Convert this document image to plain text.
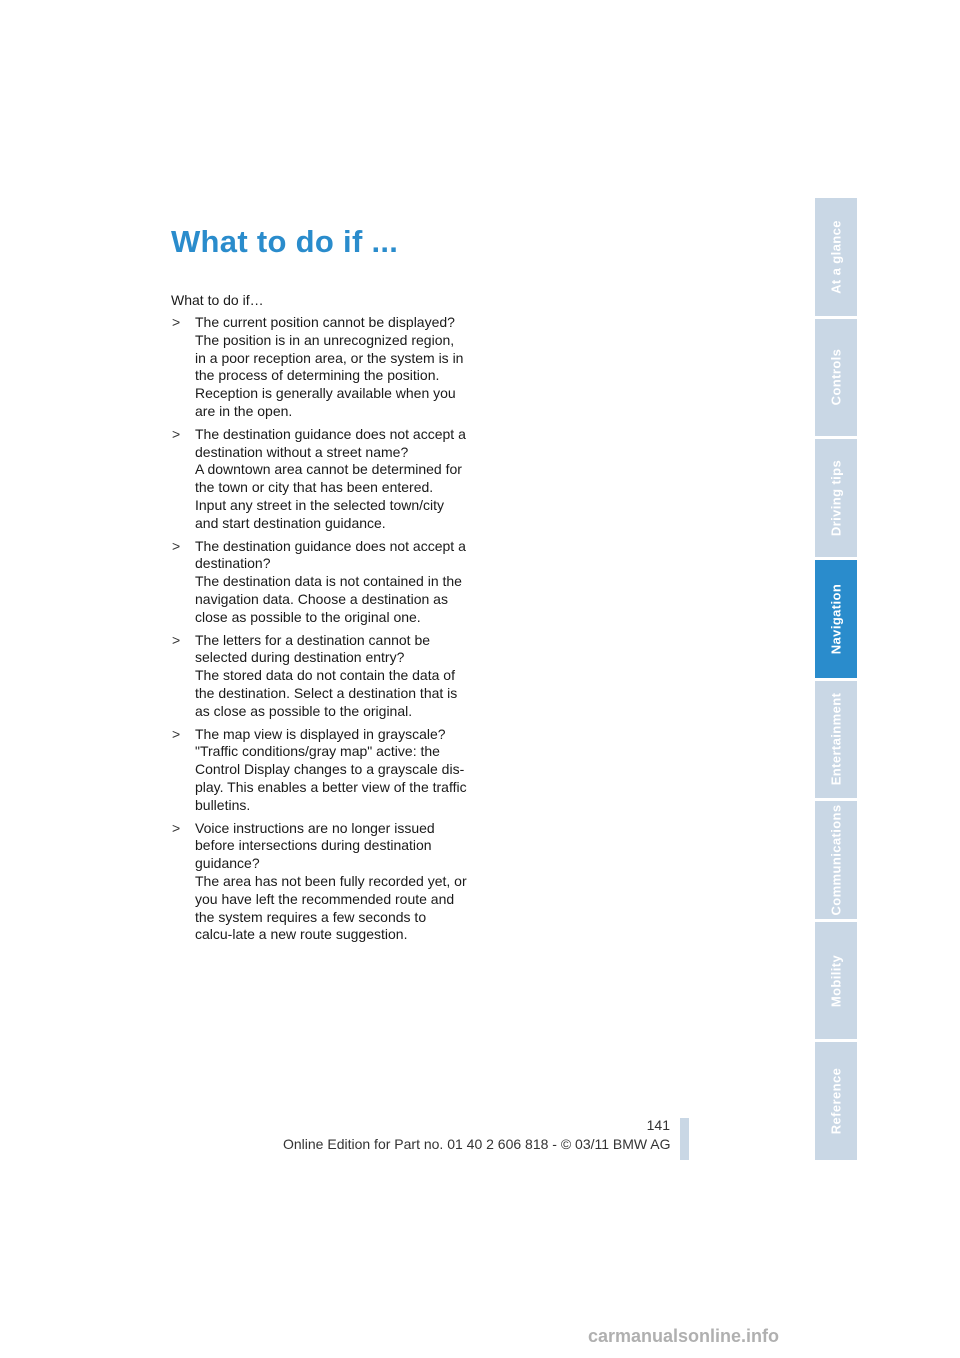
What to do if ...

What to do if…

> The current position cannot be displayed?
The position is in an unrecognized region, in a poor reception area, or the system is in the process of determining the position. Reception is generally available when you are in the open.
> The destination guidance does not accept a destination without a street name?
A downtown area cannot be determined for the town or city that has been entered. Input any street in the selected town/city and start destination guidance.
> The destination guidance does not accept a destination?
The destination data is not contained in the navigation data. Choose a destination as close as possible to the original one.
> The letters for a destination cannot be selected during destination entry?
The stored data do not contain the data of the destination. Select a destination that is as close as possible to the original.
> The map view is displayed in grayscale?
"Traffic conditions/gray map" active: the Control Display changes to a grayscale dis-play. This enables a better view of the traffic bulletins.
> Voice instructions are no longer issued before intersections during destination guidance?
The area has not been fully recorded yet, or you have left the recommended route and the system requires a few seconds to calcu-late a new route suggestion.
At a glance
Controls
Driving tips
Navigation
Entertainment
Communications
Mobility
Reference
141
Online Edition for Part no. 01 40 2 606 818 - © 03/11 BMW AG
carmanualsonline.info
